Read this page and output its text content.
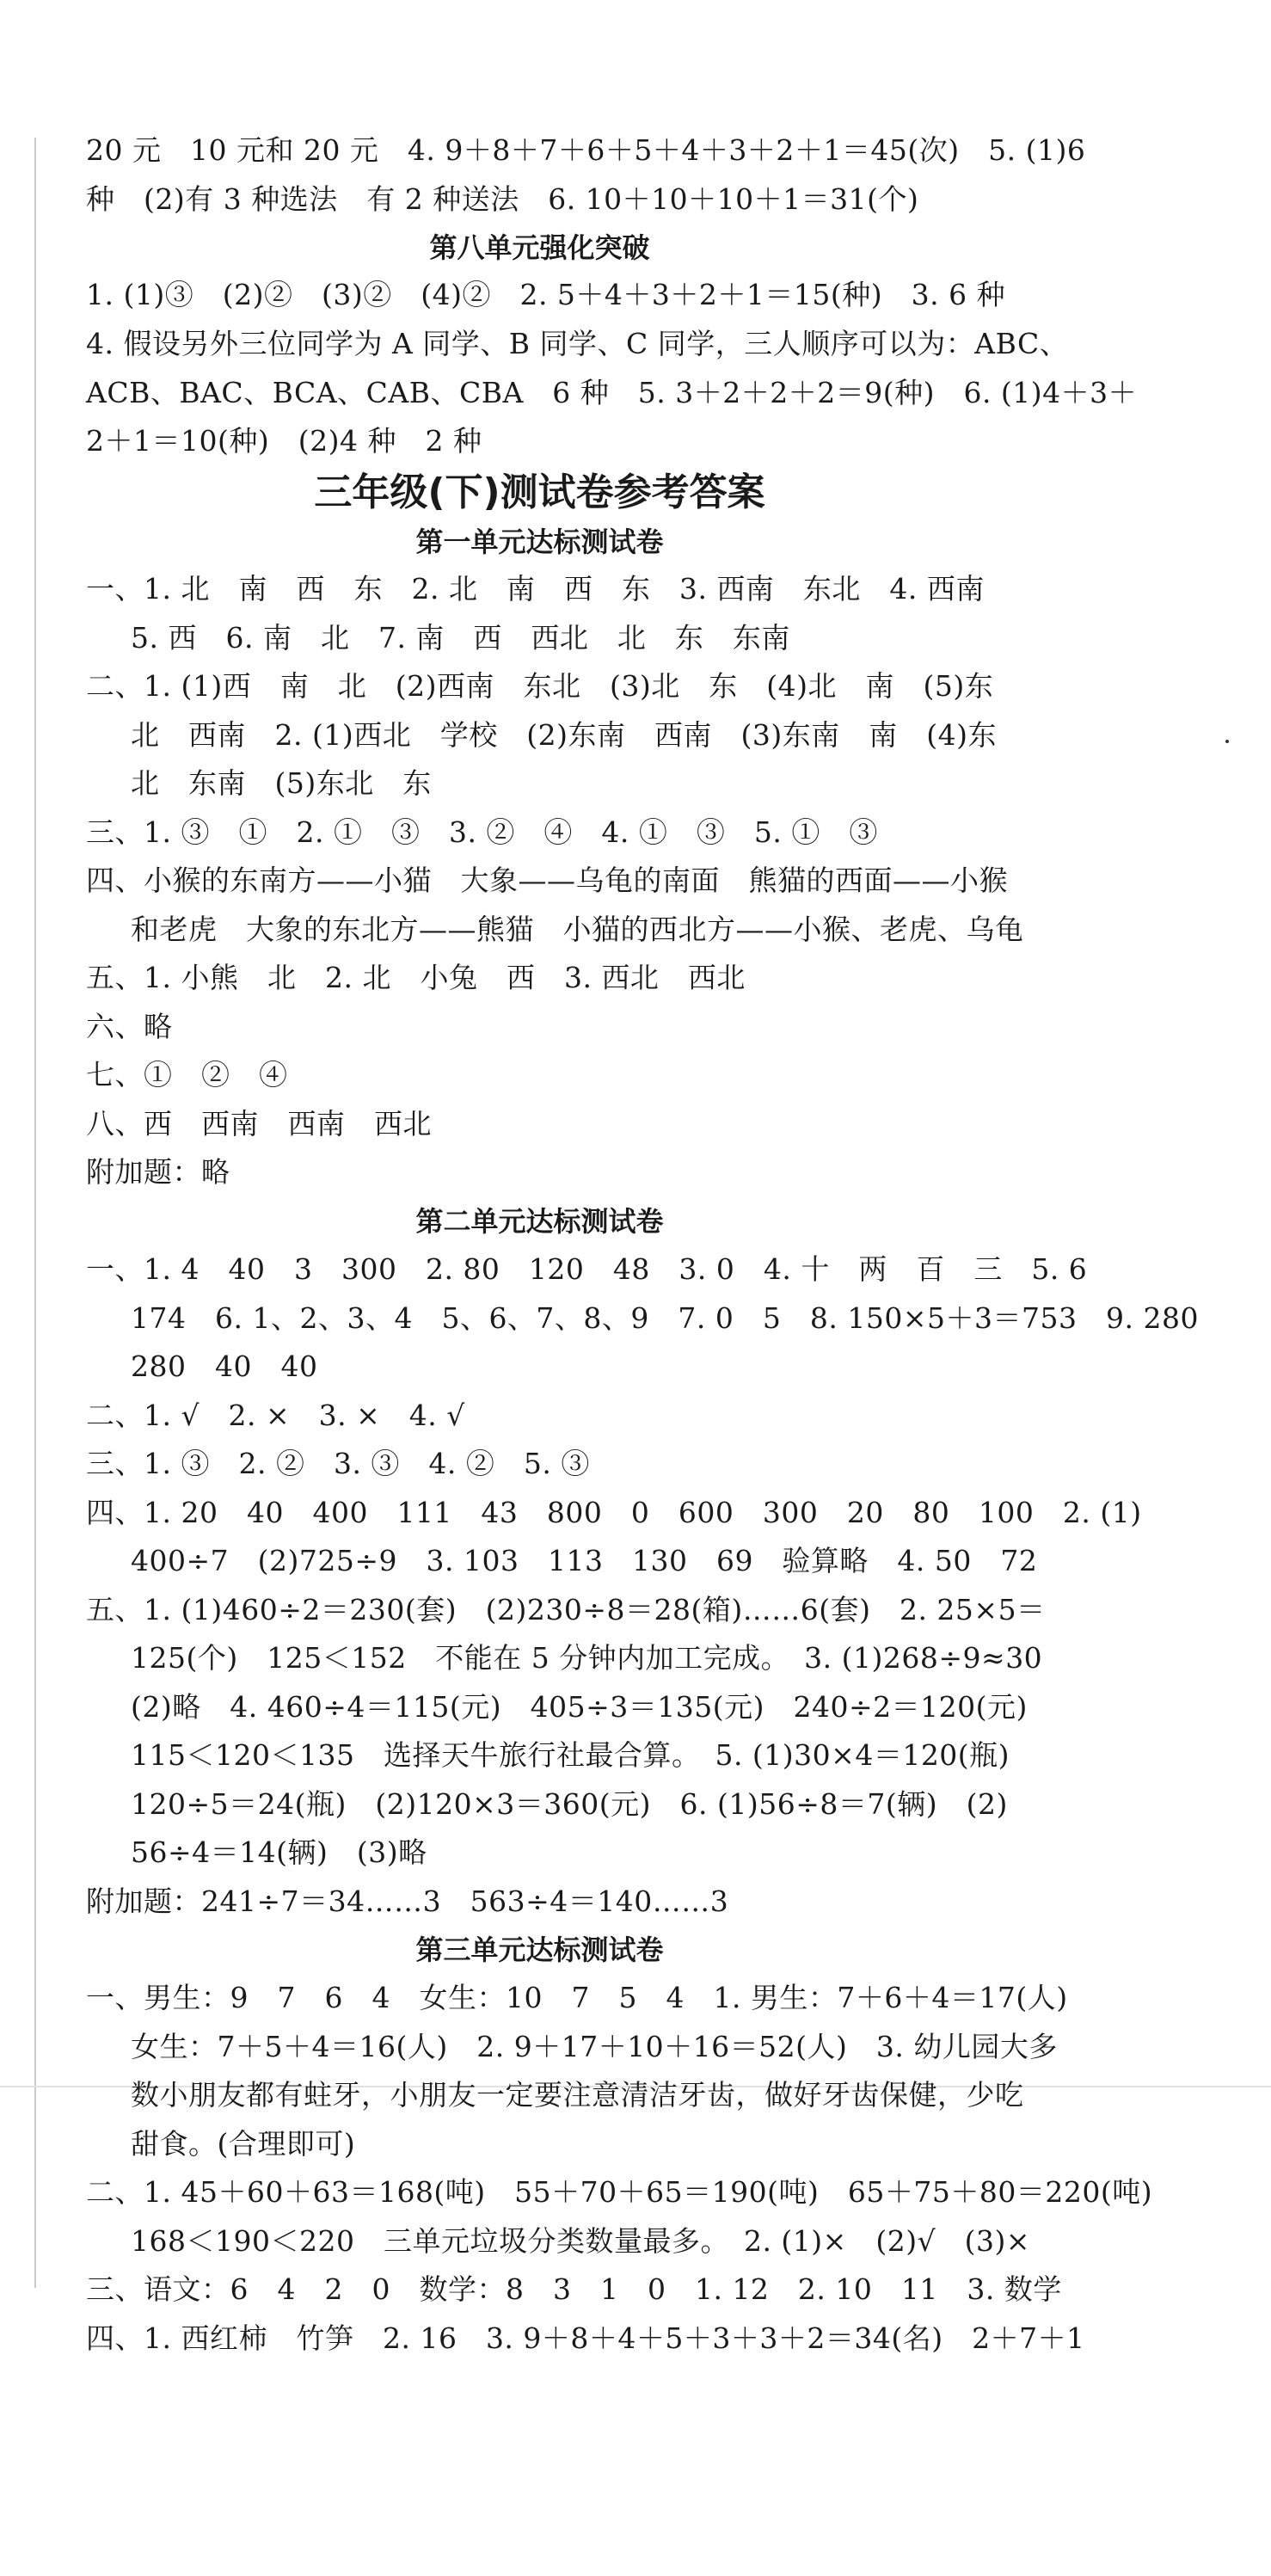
20 元　10 元和 20 元　4. 9＋8＋7＋6＋5＋4＋3＋2＋1＝45(次)　5. (1)6
种　(2)有 3 种选法　有 2 种送法　6. 10＋10＋10＋1＝31(个)
第八单元强化突破
1. (1)③　(2)②　(3)②　(4)②　2. 5＋4＋3＋2＋1＝15(种)　3. 6 种
4. 假设另外三位同学为 A 同学、B 同学、C 同学，三人顺序可以为：ABC、
ACB、BAC、BCA、CAB、CBA　6 种　5. 3＋2＋2＋2＝9(种)　6. (1)4＋3＋
2＋1＝10(种)　(2)4 种　2 种
三年级(下)测试卷参考答案
第一单元达标测试卷
一、1. 北　南　西　东　2. 北　南　西　东　3. 西南　东北　4. 西南
5. 西　6. 南　北　7. 南　西　西北　北　东　东南
二、1. (1)西　南　北　(2)西南　东北　(3)北　东　(4)北　南　(5)东
北　西南　2. (1)西北　学校　(2)东南　西南　(3)东南　南　(4)东
北　东南　(5)东北　东
三、1. ③　①　2. ①　③　3. ②　④　4. ①　③　5. ①　③
四、小猴的东南方——小猫　大象——乌龟的南面　熊猫的西面——小猴
和老虎　大象的东北方——熊猫　小猫的西北方——小猴、老虎、乌龟
五、1. 小熊　北　2. 北　小兔　西　3. 西北　西北
六、略
七、①　②　④
八、西　西南　西南　西北
附加题：略
第二单元达标测试卷
一、1. 4　40　3　300　2. 80　120　48　3. 0　4. 十　两　百　三　5. 6
174　6. 1、2、3、4　5、6、7、8、9　7. 0　5　8. 150×5＋3＝753　9. 280
280　40　40
二、1. √　2. ×　3. ×　4. √
三、1. ③　2. ②　3. ③　4. ②　5. ③
四、1. 20　40　400　111　43　800　0　600　300　20　80　100　2. (1)
400÷7　(2)725÷9　3. 103　113　130　69　验算略　4. 50　72
五、1. (1)460÷2＝230(套)　(2)230÷8＝28(箱)……6(套)　2. 25×5＝
125(个)　125＜152　不能在 5 分钟内加工完成。　3. (1)268÷9≈30
(2)略　4. 460÷4＝115(元)　405÷3＝135(元)　240÷2＝120(元)
115＜120＜135　选择天牛旅行社最合算。　5. (1)30×4＝120(瓶)
120÷5＝24(瓶)　(2)120×3＝360(元)　6. (1)56÷8＝7(辆)　(2)
56÷4＝14(辆)　(3)略
附加题：241÷7＝34……3　563÷4＝140……3
第三单元达标测试卷
一、男生：9　7　6　4　女生：10　7　5　4　1. 男生：7＋6＋4＝17(人)
女生：7＋5＋4＝16(人)　2. 9＋17＋10＋16＝52(人)　3. 幼儿园大多
数小朋友都有蛀牙，小朋友一定要注意清洁牙齿，做好牙齿保健，少吃
甜食。(合理即可)
二、1. 45＋60＋63＝168(吨)　55＋70＋65＝190(吨)　65＋75＋80＝220(吨)
168＜190＜220　三单元垃圾分类数量最多。　2. (1)×　(2)√　(3)×
三、语文：6　4　2　0　数学：8　3　1　0　1. 12　2. 10　11　3. 数学
四、1. 西红柿　竹笋　2. 16　3. 9＋8＋4＋5＋3＋3＋2＝34(名)　2＋7＋1
